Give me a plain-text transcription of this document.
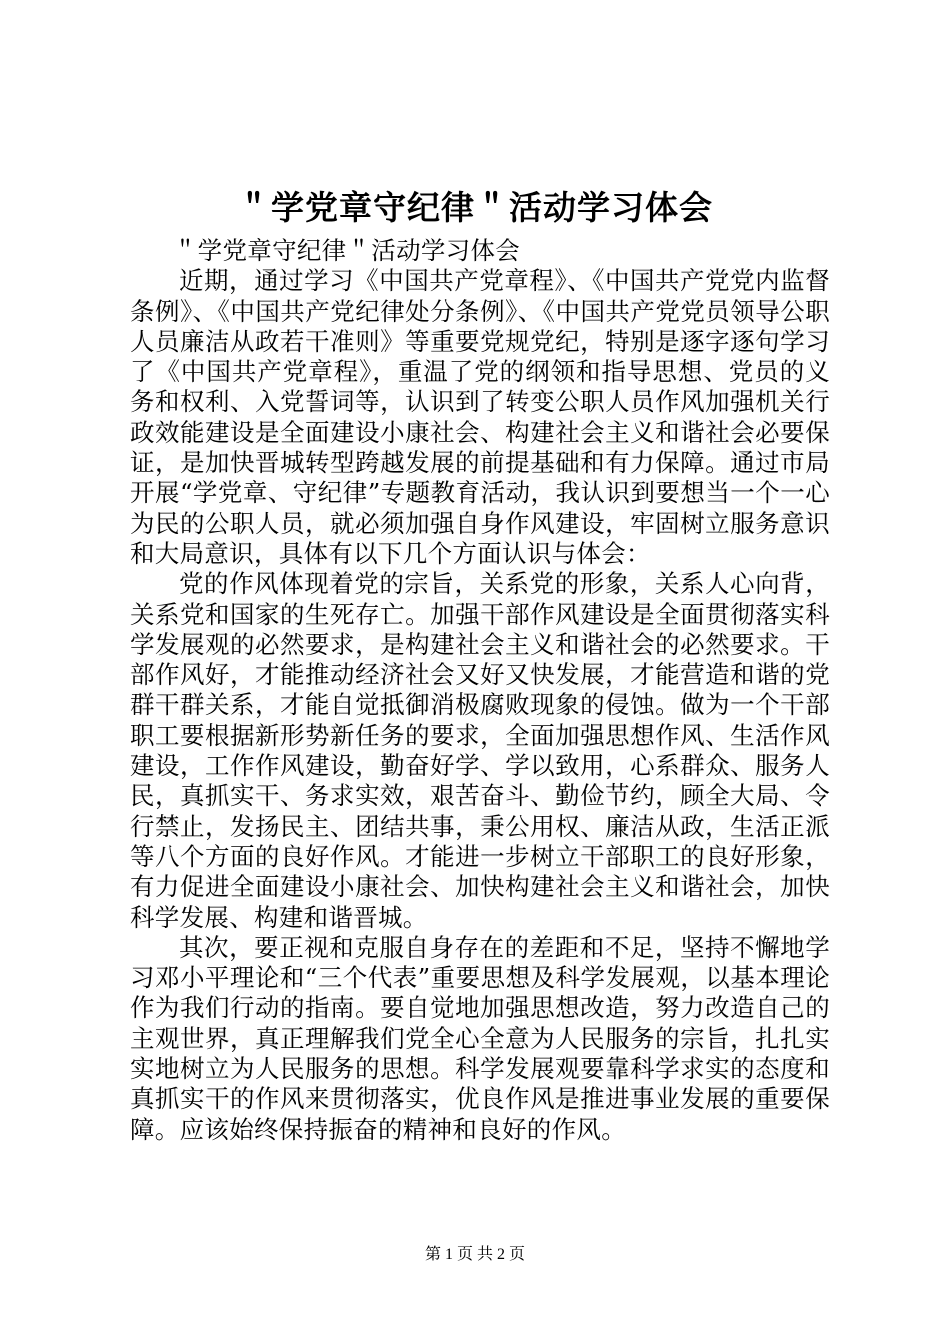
＂学党章守纪律＂活动学习体会

＂学党章守纪律＂活动学习体会

近期，通过学习《中国共产党章程》、《中国共产党党内监督条例》、《中国共产党纪律处分条例》、《中国共产党党员领导公职人员廉洁从政若干准则》等重要党规党纪，特别是逐字逐句学习了《中国共产党章程》，重温了党的纲领和指导思想、党员的义务和权利、入党誓词等，认识到了转变公职人员作风加强机关行政效能建设是全面建设小康社会、构建社会主义和谐社会必要保证，是加快晋城转型跨越发展的前提基础和有力保障。通过市局开展“学党章、守纪律”专题教育活动，我认识到要想当一个一心为民的公职人员，就必须加强自身作风建设，牢固树立服务意识和大局意识，具体有以下几个方面认识与体会：

党的作风体现着党的宗旨，关系党的形象，关系人心向背，关系党和国家的生死存亡。加强干部作风建设是全面贯彻落实科学发展观的必然要求，是构建社会主义和谐社会的必然要求。干部作风好，才能推动经济社会又好又快发展，才能营造和谐的党群干群关系，才能自觉抵御消极腐败现象的侵蚀。做为一个干部职工要根据新形势新任务的要求，全面加强思想作风、生活作风建设，工作作风建设，勤奋好学、学以致用，心系群众、服务人民，真抓实干、务求实效，艰苦奋斗、勤俭节约，顾全大局、令行禁止，发扬民主、团结共事，秉公用权、廉洁从政，生活正派等八个方面的良好作风。才能进一步树立干部职工的良好形象，有力促进全面建设小康社会、加快构建社会主义和谐社会，加快科学发展、构建和谐晋城。

其次，要正视和克服自身存在的差距和不足，坚持不懈地学习邓小平理论和“三个代表”重要思想及科学发展观，以基本理论作为我们行动的指南。要自觉地加强思想改造，努力改造自己的主观世界，真正理解我们党全心全意为人民服务的宗旨，扎扎实实地树立为人民服务的思想。科学发展观要靠科学求实的态度和真抓实干的作风来贯彻落实，优良作风是推进事业发展的重要保障。应该始终保持振奋的精神和良好的作风。

第 1 页 共 2 页
